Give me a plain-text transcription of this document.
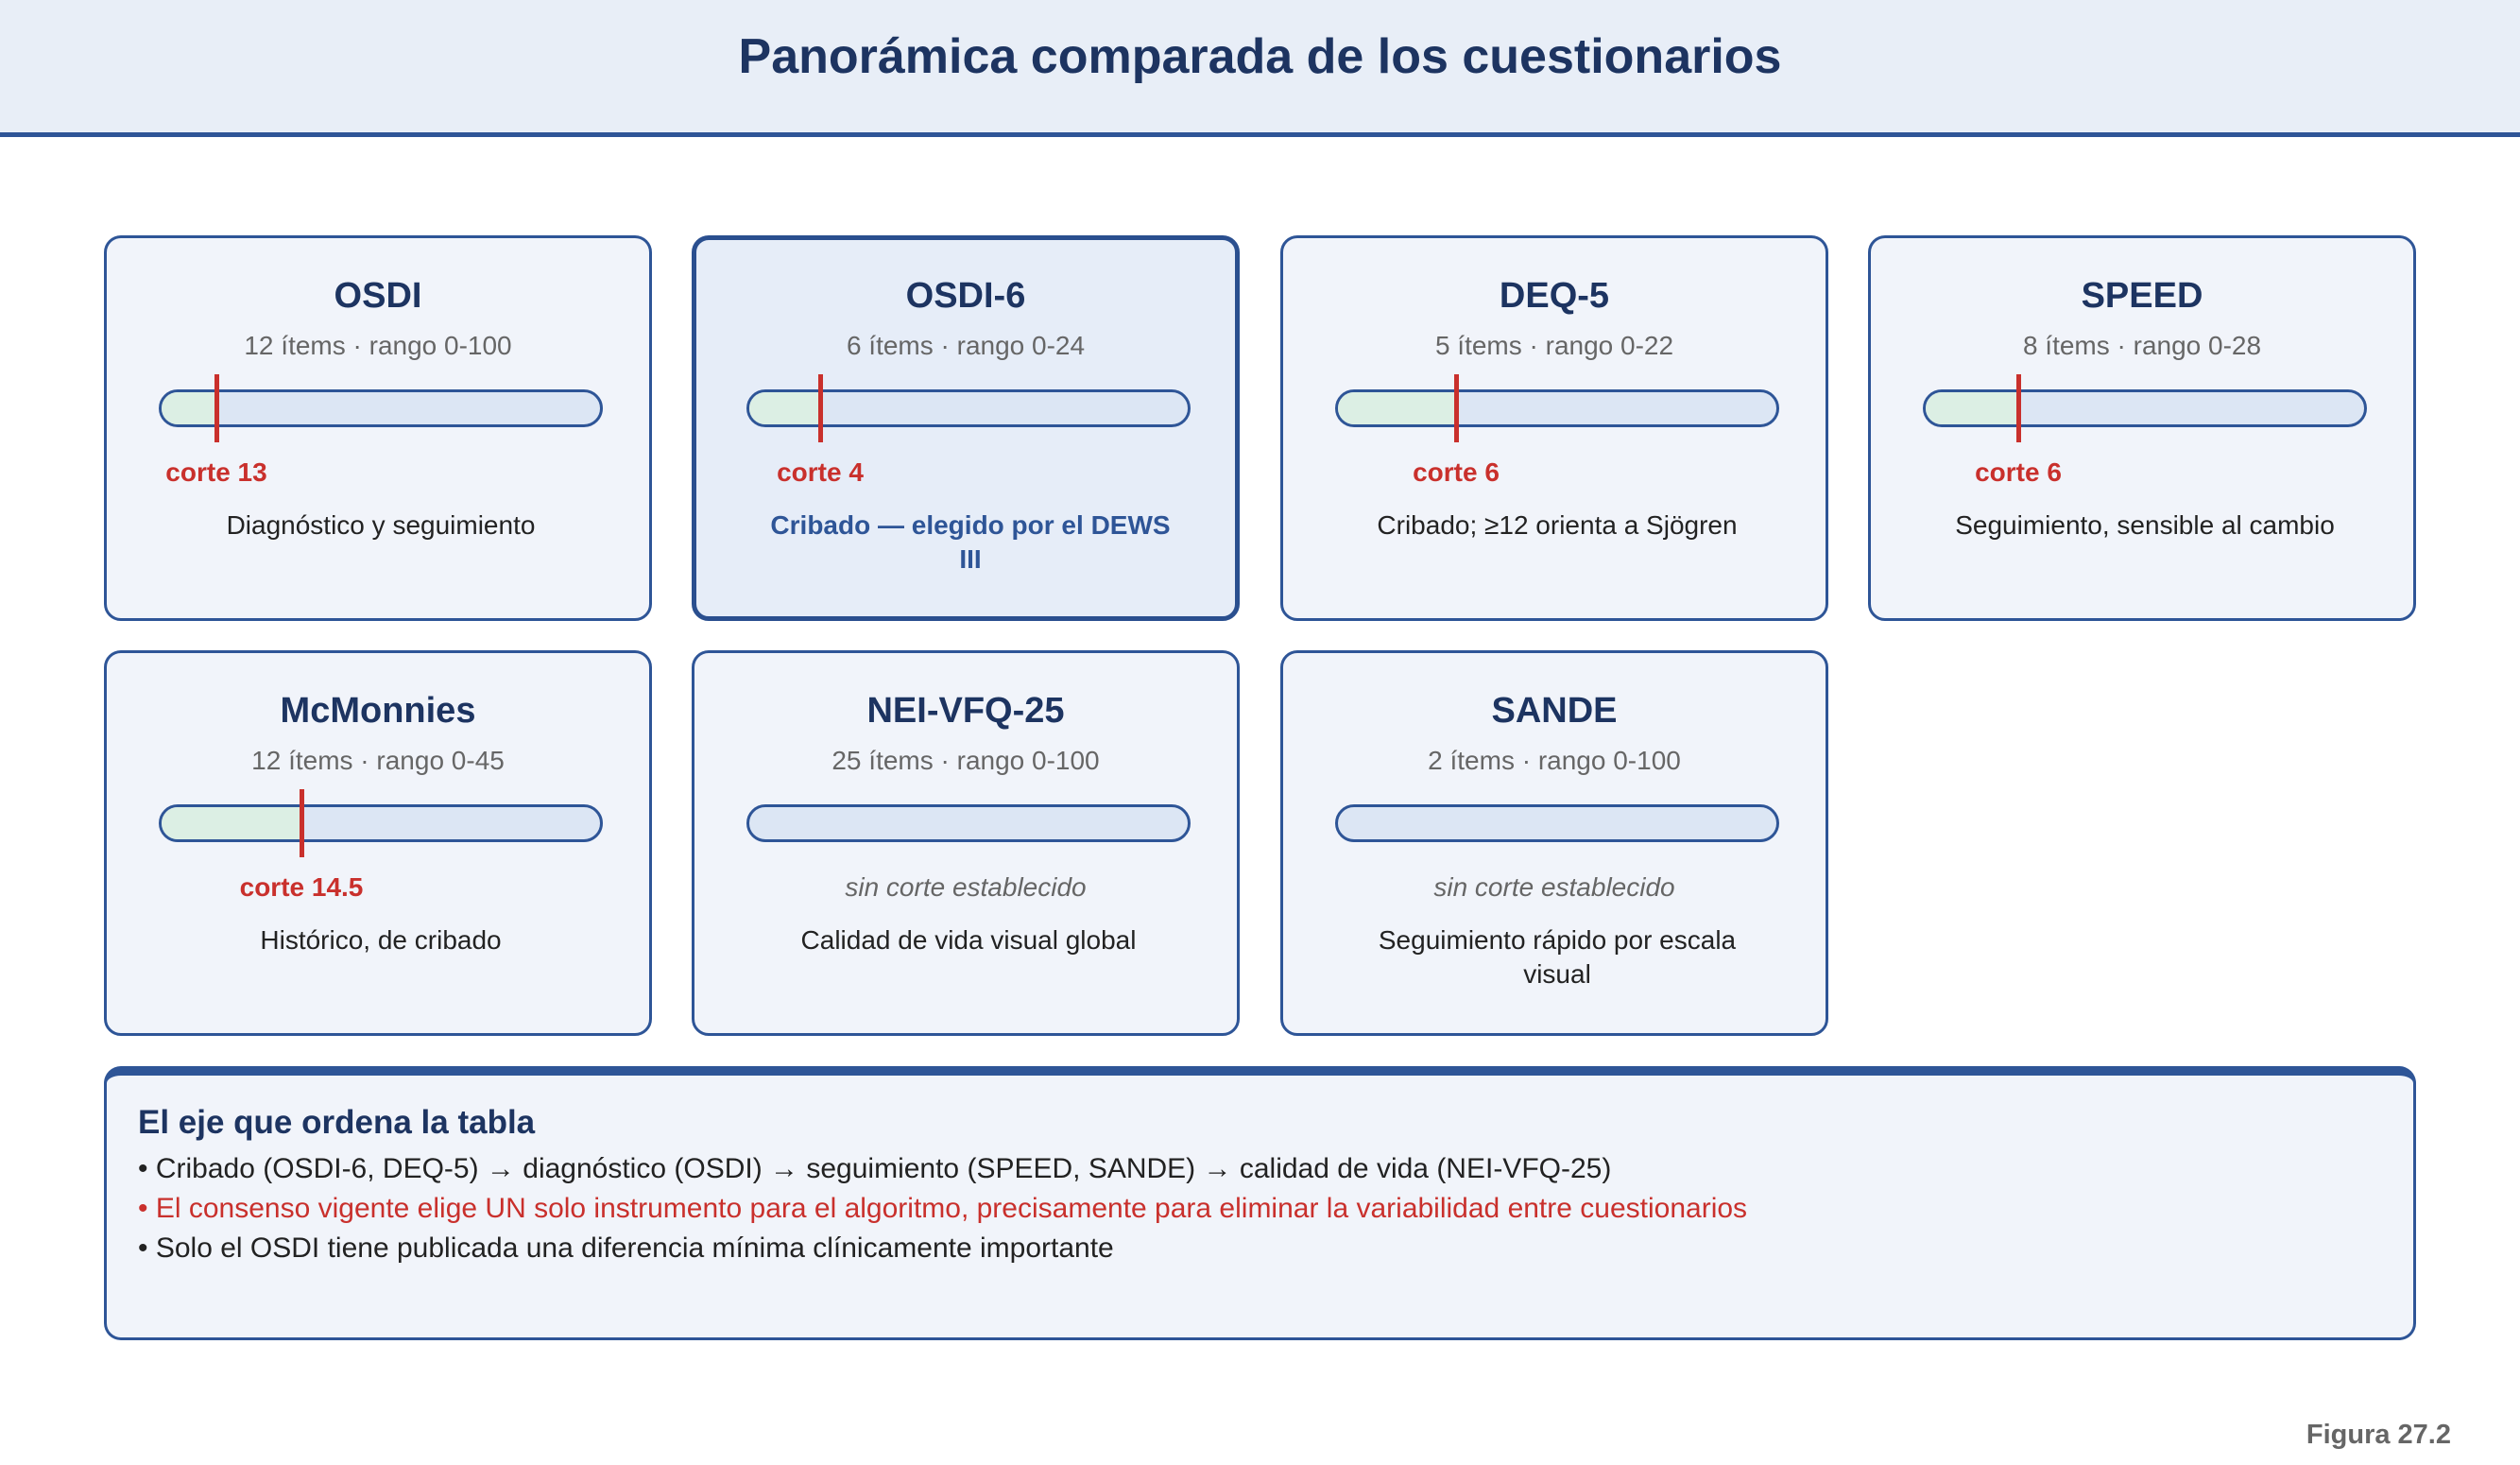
Panorámica comparada de los cuestionarios
OSDI
12 ítems · rango 0-100
corte 13
Diagnóstico y seguimiento
OSDI-6
6 ítems · rango 0-24
corte 4
Cribado — elegido por el DEWS III
DEQ-5
5 ítems · rango 0-22
corte 6
Cribado; ≥12 orienta a Sjögren
SPEED
8 ítems · rango 0-28
corte 6
Seguimiento, sensible al cambio
McMonnies
12 ítems · rango 0-45
corte 14.5
Histórico, de cribado
NEI-VFQ-25
25 ítems · rango 0-100
sin corte establecido
Calidad de vida visual global
SANDE
2 ítems · rango 0-100
sin corte establecido
Seguimiento rápido por escala visual
El eje que ordena la tabla
• Cribado (OSDI-6, DEQ-5) → diagnóstico (OSDI) → seguimiento (SPEED, SANDE) → calidad de vida (NEI-VFQ-25)
• El consenso vigente elige UN solo instrumento para el algoritmo, precisamente para eliminar la variabilidad entre cuestionarios
• Solo el OSDI tiene publicada una diferencia mínima clínicamente importante
Figura 27.2
